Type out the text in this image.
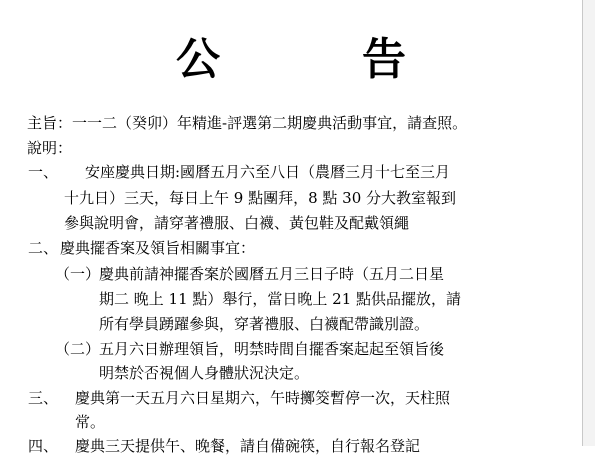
公	告
主旨：一一二（癸卯）年精進-評選第二期慶典活動事宜，請查照。
說明：
一、 安座慶典日期:國曆五月六至八日（農曆三月十七至三月
十九日）三天，每日上午 9 點團拜，8 點 30 分大教室報到
參與說明會，請穿著禮服、白襪、黃包鞋及配戴領繩
二、 慶典擺香案及領旨相關事宜：
（一）
慶典前請神擺香案於國曆五月三日子時（五月二日星
期二 晚上 11 點）舉行，當日晚上 21 點供品擺放，請
所有學員踴躍參與，穿著禮服、白襪配帶識別證。
（二）
五月六日辦理領旨，明禁時間自擺香案起起至領旨後
明禁於否視個人身體狀況決定。
三、 慶典第一天五月六日星期六，午時擲筊暫停一次，天柱照
常。
四、 慶典三天提供午、晚餐，請自備碗筷，自行報名登記
